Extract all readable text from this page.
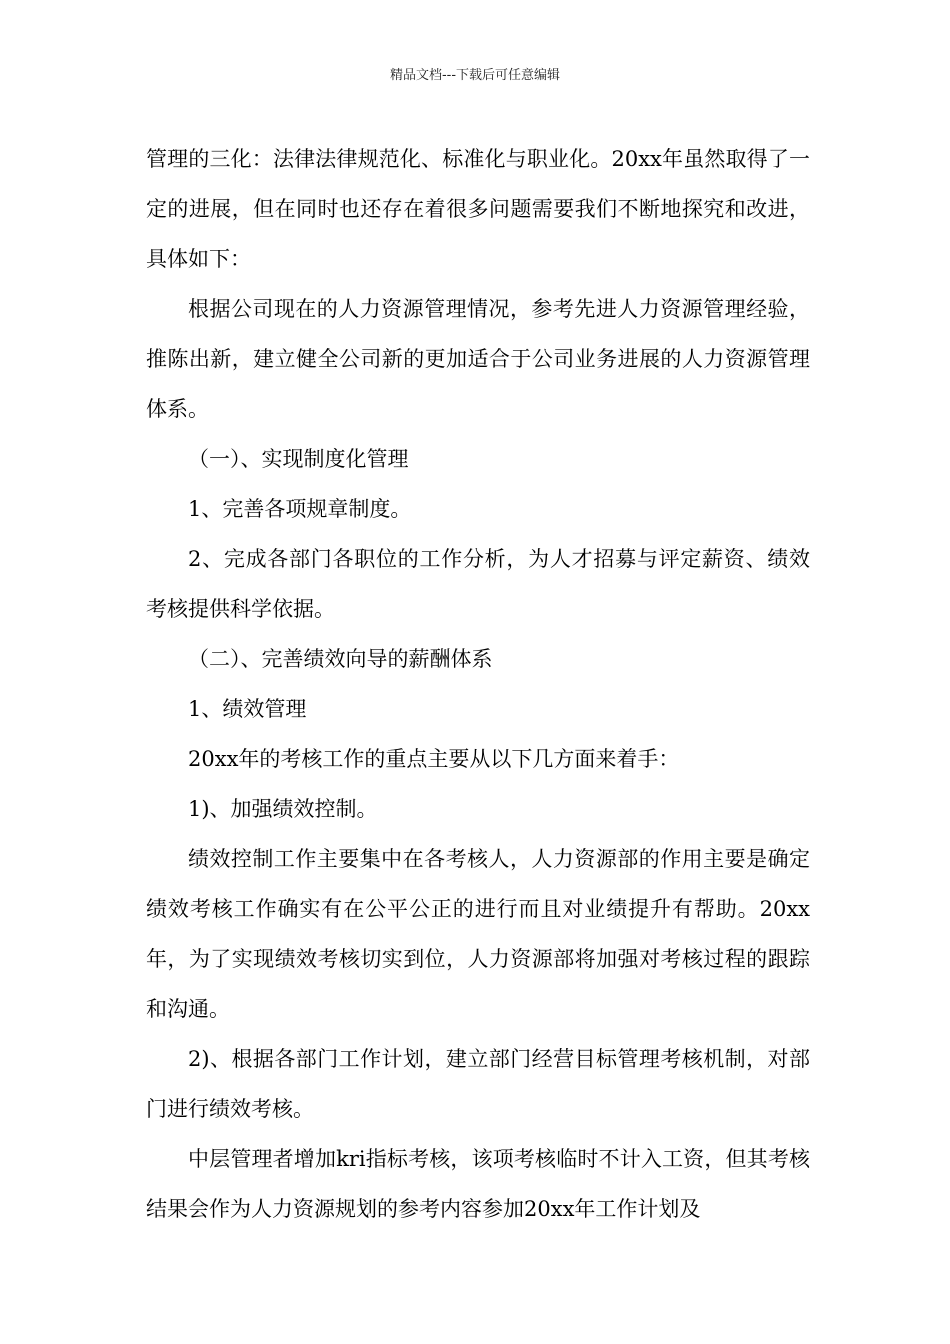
精品文档---下载后可任意编辑

管理的三化：法律法律规范化、标准化与职业化。20xx年虽然取得了一定的进展，但在同时也还存在着很多问题需要我们不断地探究和改进，具体如下：

根据公司现在的人力资源管理情况，参考先进人力资源管理经验，推陈出新，建立健全公司新的更加适合于公司业务进展的人力资源管理体系。

（一）、实现制度化管理

1、完善各项规章制度。

2、完成各部门各职位的工作分析，为人才招募与评定薪资、绩效考核提供科学依据。

（二）、完善绩效向导的薪酬体系

1、绩效管理

20xx年的考核工作的重点主要从以下几方面来着手：

1)、加强绩效控制。

绩效控制工作主要集中在各考核人，人力资源部的作用主要是确定绩效考核工作确实有在公平公正的进行而且对业绩提升有帮助。20xx年，为了实现绩效考核切实到位，人力资源部将加强对考核过程的跟踪和沟通。

2)、根据各部门工作计划，建立部门经营目标管理考核机制，对部门进行绩效考核。

中层管理者增加kri指标考核，该项考核临时不计入工资，但其考核结果会作为人力资源规划的参考内容参加20xx年工作计划及
